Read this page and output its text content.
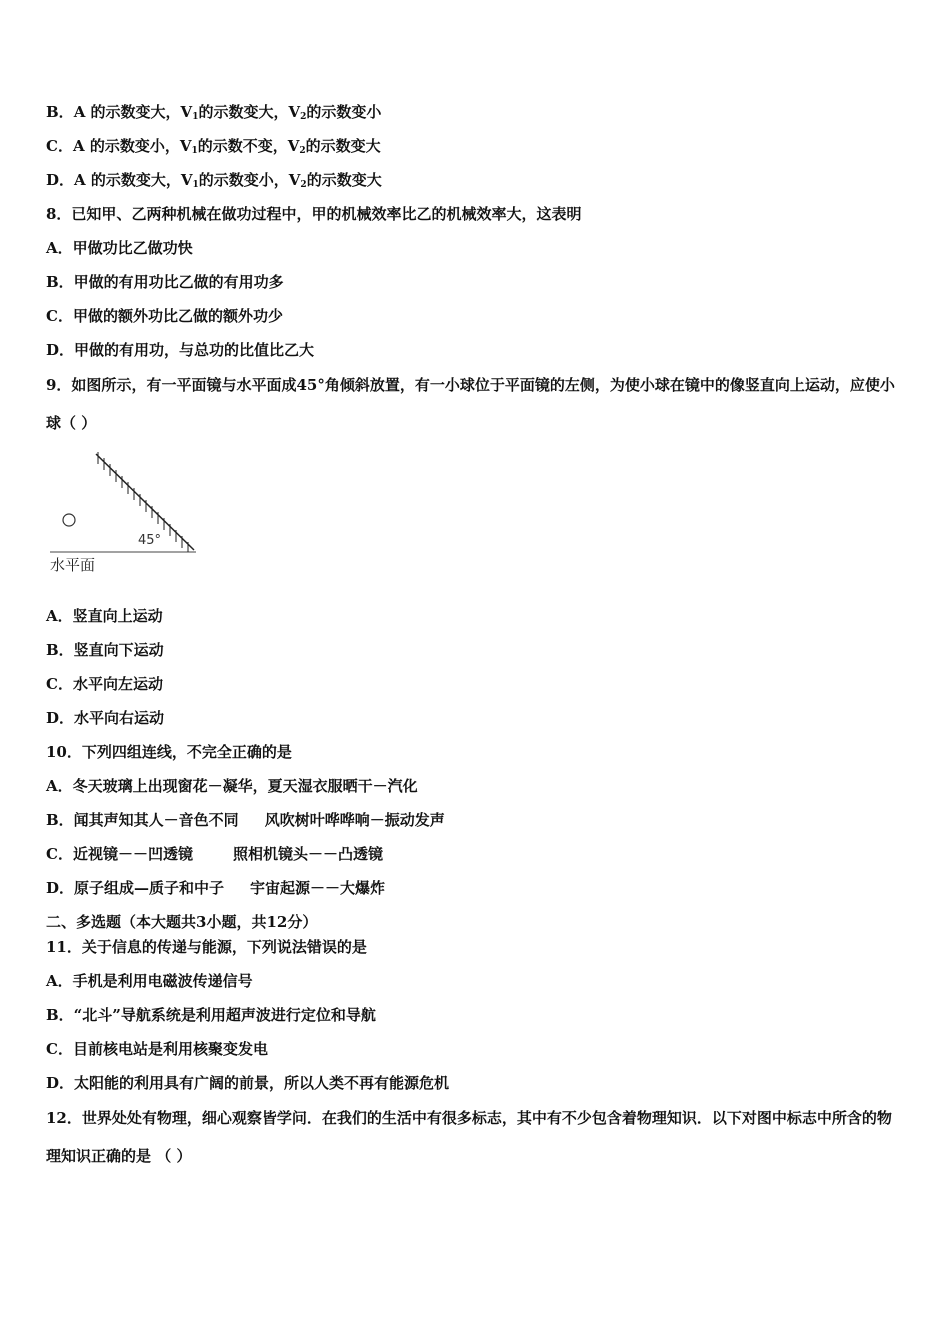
B．A 的示数变大，$V_1$的示数变大，$V_2$的示数变小
C．A 的示数变小，$V_1$的示数不变，$V_2$的示数变大
D．A 的示数变大，$V_1$的示数变小，$V_2$的示数变大
8．已知甲、乙两种机械在做功过程中，甲的机械效率比乙的机械效率大，这表明
A．甲做功比乙做功快
B．甲做的有用功比乙做的有用功多
C．甲做的额外功比乙做的额外功少
D．甲做的有用功，与总功的比值比乙大
9．如图所示，有一平面镜与水平面成45°角倾斜放置，有一小球位于平面镜的左侧，为使小球在镜中的像竖直向上运动，应使小球（ ）
45°
水平面
A．竖直向上运动
B．竖直向下运动
C．水平向左运动
D．水平向右运动
10．下列四组连线，不完全正确的是
A．冬天玻璃上出现窗花－凝华，夏天湿衣服晒干－汽化
B．闻其声知其人－音色不同 风吹树叶哗哗响－振动发声
C．近视镜－－凹透镜	照相机镜头－－凸透镜
D．原子组成—质子和中子 宇宙起源－－大爆炸
二、多选题（本大题共3小题，共12分）
11．关于信息的传递与能源，下列说法错误的是
A．手机是利用电磁波传递信号
B．“北斗”导航系统是利用超声波进行定位和导航
C．目前核电站是利用核聚变发电
D．太阳能的利用具有广阔的前景，所以人类不再有能源危机
12．世界处处有物理，细心观察皆学问．在我们的生活中有很多标志，其中有不少包含着物理知识．以下对图中标志中所含的物理知识正确的是 （ ）
